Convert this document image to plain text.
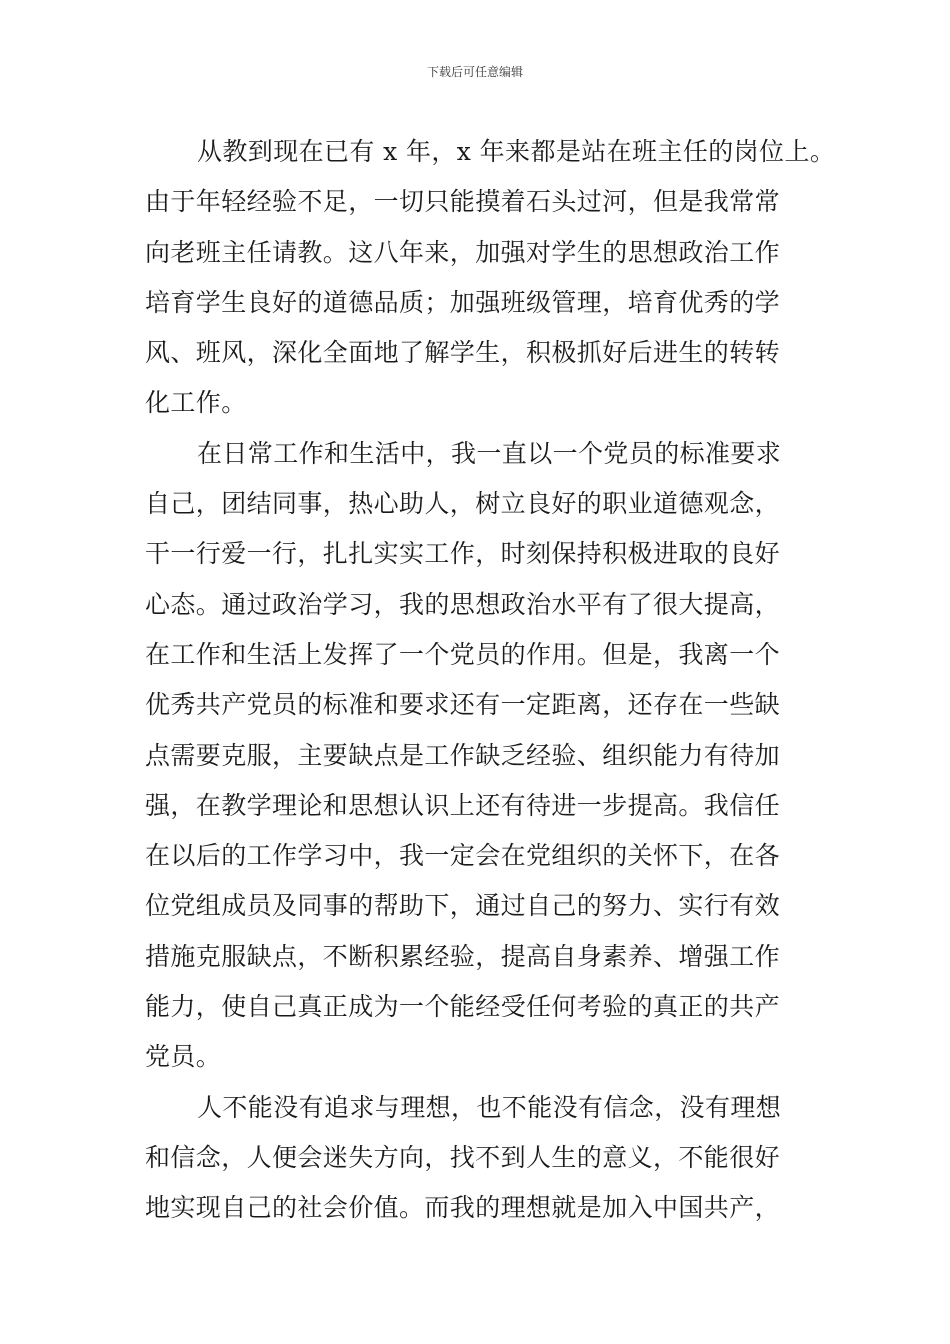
下载后可任意编辑
从教到现在已有 x 年，x 年来都是站在班主任的岗位上。
由于年轻经验不足，一切只能摸着石头过河，但是我常常
向老班主任请教。这八年来，加强对学生的思想政治工作
培育学生良好的道德品质；加强班级管理，培育优秀的学
风、班风，深化全面地了解学生，积极抓好后进生的转转
化工作。
在日常工作和生活中，我一直以一个党员的标准要求
自己，团结同事，热心助人，树立良好的职业道德观念，
干一行爱一行，扎扎实实工作，时刻保持积极进取的良好
心态。通过政治学习，我的思想政治水平有了很大提高，
在工作和生活上发挥了一个党员的作用。但是，我离一个
优秀共产党员的标准和要求还有一定距离，还存在一些缺
点需要克服，主要缺点是工作缺乏经验、组织能力有待加
强，在教学理论和思想认识上还有待进一步提高。我信任
在以后的工作学习中，我一定会在党组织的关怀下，在各
位党组成员及同事的帮助下，通过自己的努力、实行有效
措施克服缺点，不断积累经验，提高自身素养、增强工作
能力，使自己真正成为一个能经受任何考验的真正的共产
党员。
人不能没有追求与理想，也不能没有信念，没有理想
和信念，人便会迷失方向，找不到人生的意义，不能很好
地实现自己的社会价值。而我的理想就是加入中国共产，
